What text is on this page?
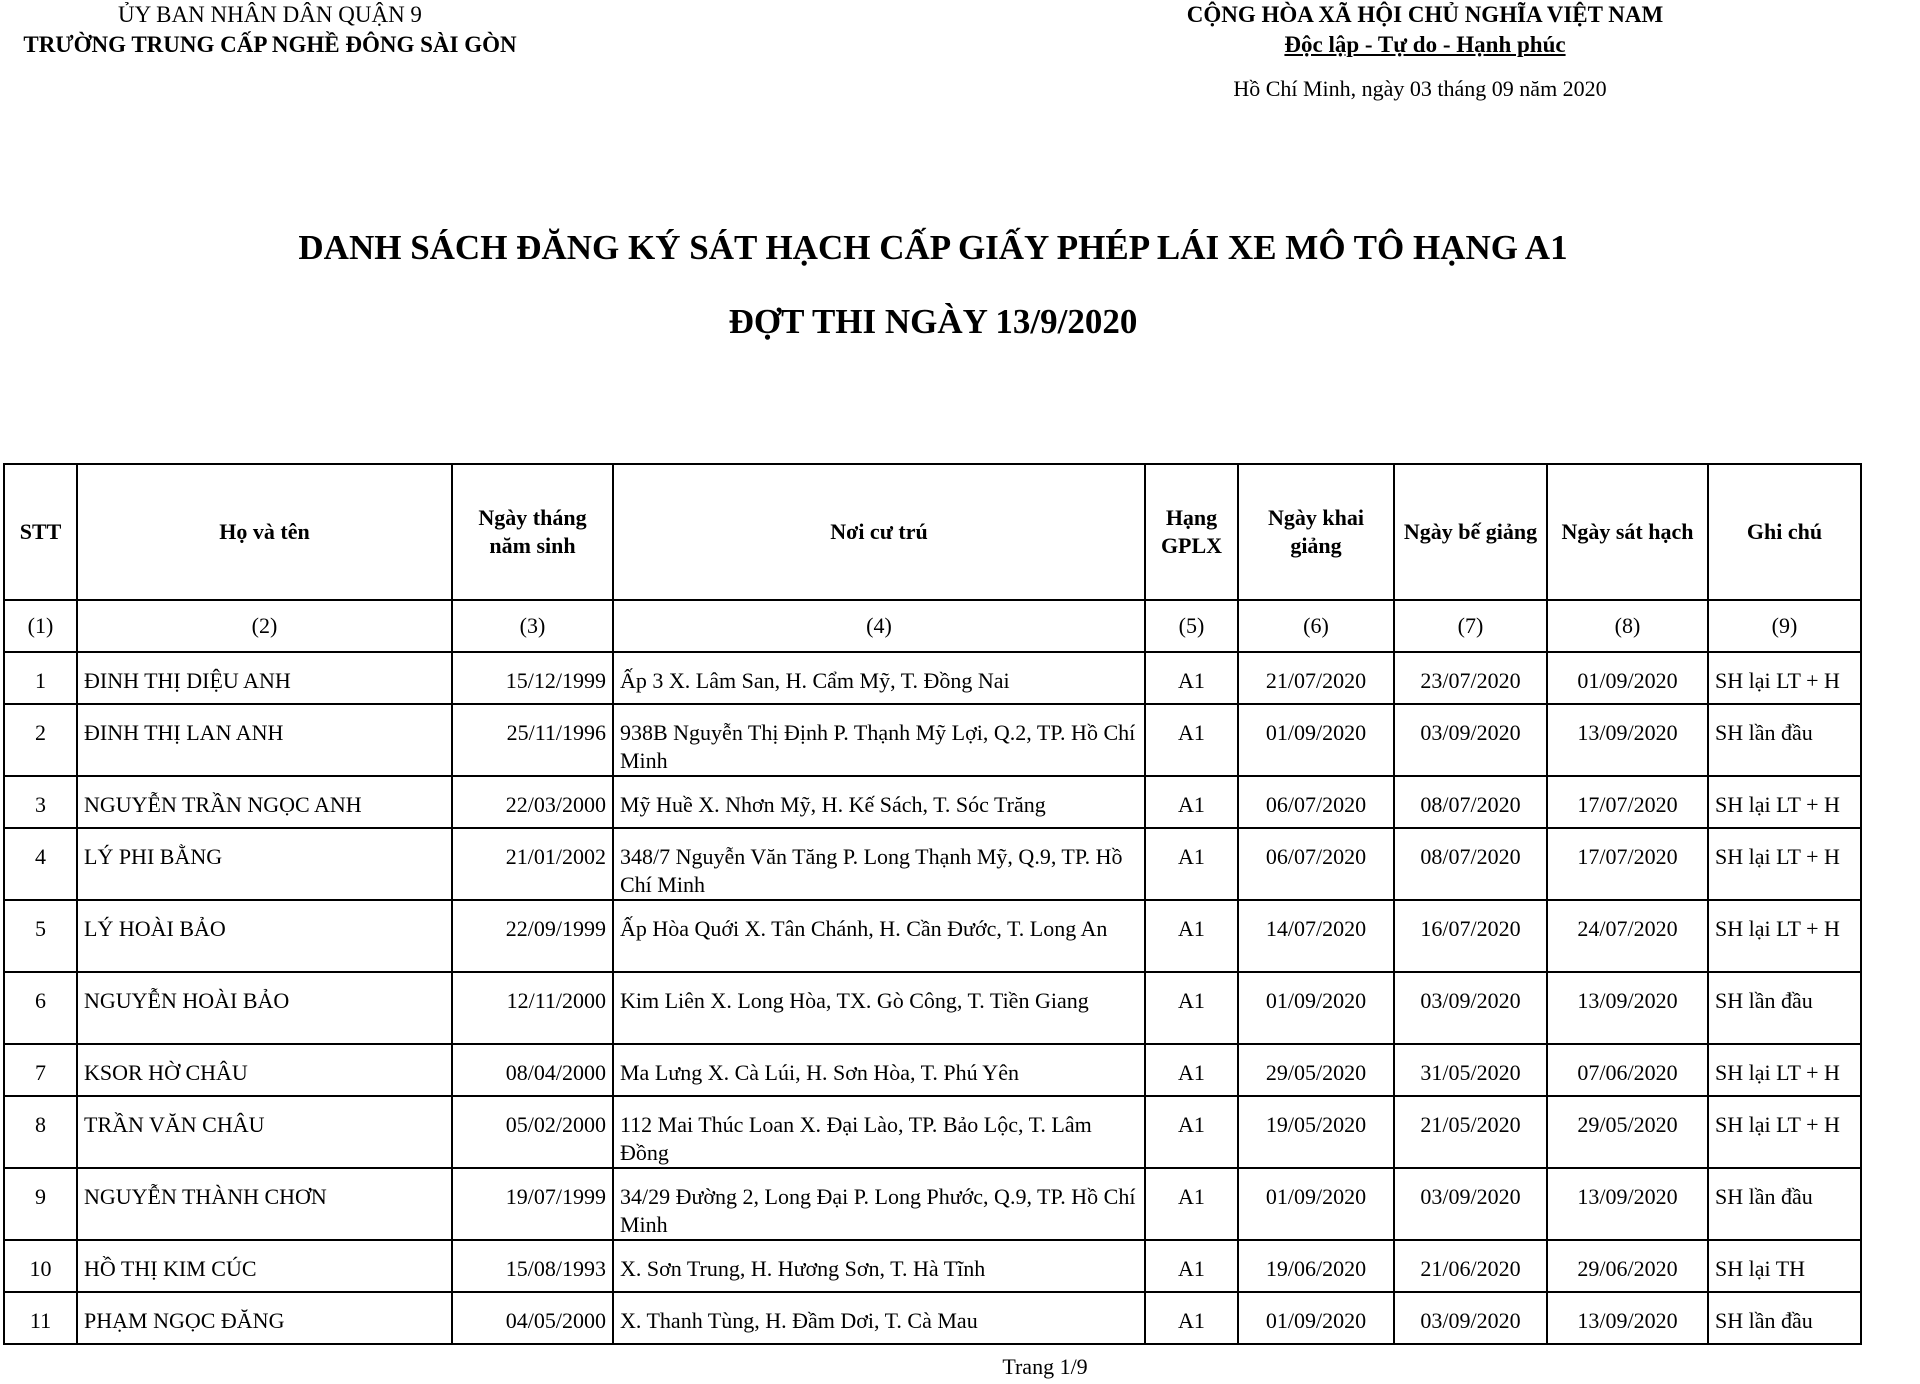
ỦY BAN NHÂN DÂN QUẬN 9
TRƯỜNG TRUNG CẤP NGHỀ ĐÔNG SÀI GÒN
CỘNG HÒA XÃ HỘI CHỦ NGHĨA VIỆT NAM
Độc lập - Tự do - Hạnh phúc
Hồ Chí Minh, ngày 03 tháng 09 năm 2020
DANH SÁCH ĐĂNG KÝ SÁT HẠCH CẤP GIẤY PHÉP LÁI XE MÔ TÔ HẠNG A1
ĐỢT THI NGÀY 13/9/2020
STT	Họ và tên	Ngày tháng năm sinh	Nơi cư trú	Hạng GPLX	Ngày khai giảng	Ngày bế giảng	Ngày sát hạch	Ghi chú
(1)	(2)	(3)	(4)	(5)	(6)	(7)	(8)	(9)
1	ĐINH THỊ DIỆU ANH	15/12/1999	Ấp 3 X. Lâm San, H. Cẩm Mỹ, T. Đồng Nai	A1	21/07/2020	23/07/2020	01/09/2020	SH lại LT + H
2	ĐINH THỊ LAN ANH	25/11/1996	938B Nguyễn Thị Định P. Thạnh Mỹ Lợi, Q.2, TP. Hồ Chí Minh	A1	01/09/2020	03/09/2020	13/09/2020	SH lần đầu
3	NGUYỄN TRẦN NGỌC ANH	22/03/2000	Mỹ Huề X. Nhơn Mỹ, H. Kế Sách, T. Sóc Trăng	A1	06/07/2020	08/07/2020	17/07/2020	SH lại LT + H
4	LÝ PHI BẰNG	21/01/2002	348/7 Nguyễn Văn Tăng P. Long Thạnh Mỹ, Q.9, TP. Hồ Chí Minh	A1	06/07/2020	08/07/2020	17/07/2020	SH lại LT + H
5	LÝ HOÀI BẢO	22/09/1999	Ấp Hòa Quới X. Tân Chánh, H. Cần Đước, T. Long An	A1	14/07/2020	16/07/2020	24/07/2020	SH lại LT + H
6	NGUYỄN HOÀI BẢO	12/11/2000	Kim Liên X. Long Hòa, TX. Gò Công, T. Tiền Giang	A1	01/09/2020	03/09/2020	13/09/2020	SH lần đầu
7	KSOR HỜ CHÂU	08/04/2000	Ma Lưng X. Cà Lúi, H. Sơn Hòa, T. Phú Yên	A1	29/05/2020	31/05/2020	07/06/2020	SH lại LT + H
8	TRẦN VĂN CHÂU	05/02/2000	112 Mai Thúc Loan X. Đại Lào, TP. Bảo Lộc, T. Lâm Đồng	A1	19/05/2020	21/05/2020	29/05/2020	SH lại LT + H
9	NGUYỄN THÀNH CHƠN	19/07/1999	34/29 Đường 2, Long Đại P. Long Phước, Q.9, TP. Hồ Chí Minh	A1	01/09/2020	03/09/2020	13/09/2020	SH lần đầu
10	HỒ THỊ KIM CÚC	15/08/1993	X. Sơn Trung, H. Hương Sơn, T. Hà Tĩnh	A1	19/06/2020	21/06/2020	29/06/2020	SH lại TH
11	PHẠM NGỌC ĐĂNG	04/05/2000	X. Thanh Tùng, H. Đầm Dơi, T. Cà Mau	A1	01/09/2020	03/09/2020	13/09/2020	SH lần đầu
Trang 1/9
